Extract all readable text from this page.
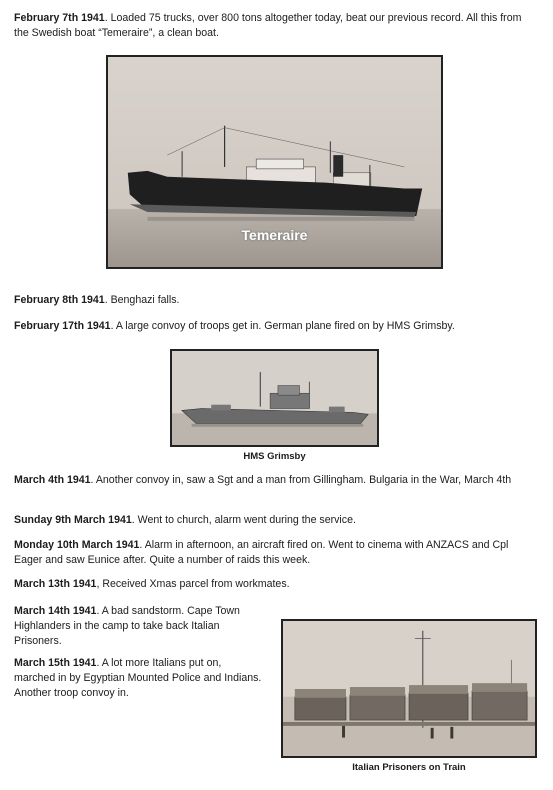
February 7th 1941. Loaded 75 trucks, over 800 tons altogether today, beat our previous record. All this from the Swedish boat “Temeraire”, a clean boat.

Temeraire

February 8th 1941. Benghazi falls.

February 17th 1941. A large convoy of troops get in. German plane fired on by HMS Grimsby.

HMS Grimsby

March 4th 1941. Another convoy in, saw a Sgt and a man from Gillingham. Bulgaria in the War, March 4th

Sunday 9th March 1941. Went to church, alarm went during the service.

Monday 10th March 1941. Alarm in afternoon, an aircraft fired on. Went to cinema with ANZACS and Cpl Eager and saw Eunice after. Quite a number of raids this week.

March 13th 1941, Received Xmas parcel from workmates.

March 14th 1941. A bad sandstorm. Cape Town Highlanders in the camp to take back Italian Prisoners.

March 15th 1941. A lot more Italians put on, marched in by Egyptian Mounted Police and Indians. Another troop convoy in.

Italian Prisoners on Train
